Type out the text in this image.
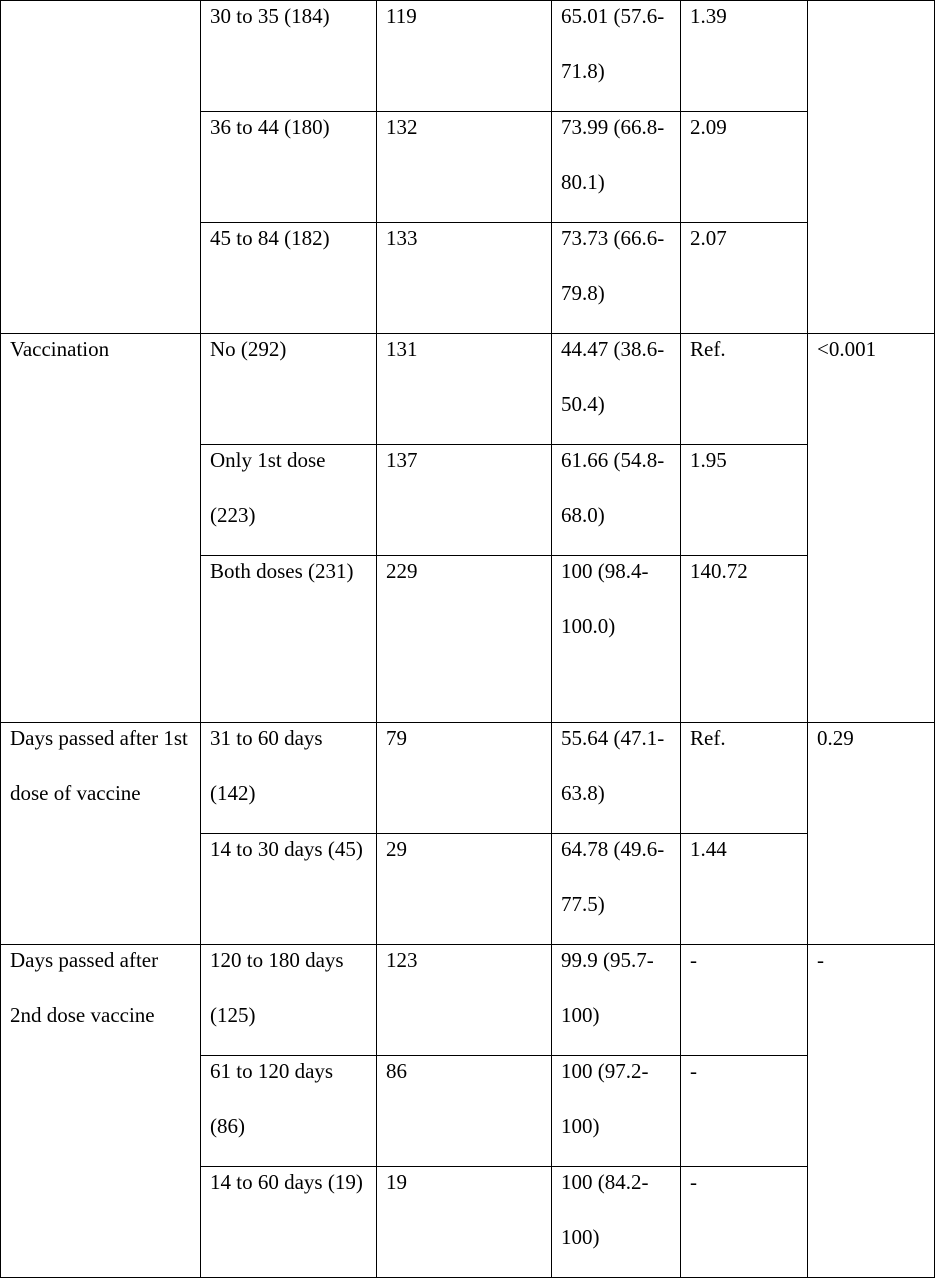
	30 to 35 (184)	119	65.01 (57.6-71.8)	1.39	

	36 to 44 (180)	132	73.99 (66.8-80.1)	2.09	

	45 to 84 (182)	133	73.73 (66.6-79.8)	2.07	

Vaccination	No (292)	131	44.47 (38.6-50.4)	Ref.	<0.001

	Only 1st dose (223)	137	61.66 (54.8-68.0)	1.95	

	Both doses (231)	229	100 (98.4-100.0)	140.72	

Days passed after 1st dose of vaccine	31 to 60 days (142)	79	55.64 (47.1-63.8)	Ref.	0.29

	14 to 30 days (45)	29	64.78 (49.6-77.5)	1.44	

Days passed after 2nd dose vaccine	120 to 180 days (125)	123	99.9 (95.7-100)	-	-

	61 to 120 days (86)	86	100 (97.2-100)	-	

	14 to 60 days (19)	19	100 (84.2-100)	-	
